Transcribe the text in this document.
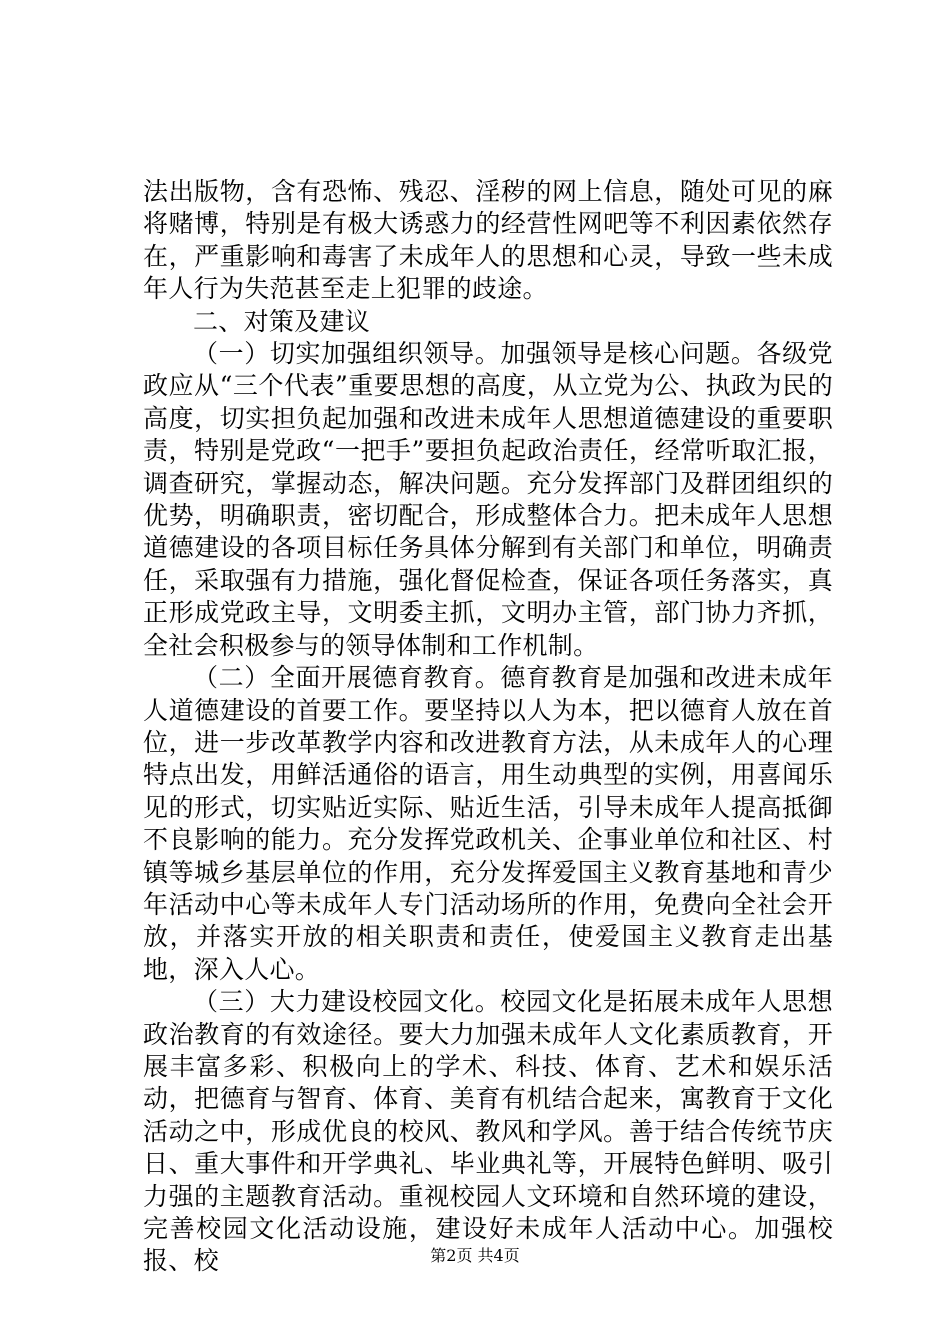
法出版物，含有恐怖、残忍、淫秽的网上信息，随处可见的麻将赌博，特别是有极大诱惑力的经营性网吧等不利因素依然存在，严重影响和毒害了未成年人的思想和心灵，导致一些未成年人行为失范甚至走上犯罪的歧途。

二、对策及建议

（一）切实加强组织领导。加强领导是核心问题。各级党政应从“三个代表”重要思想的高度，从立党为公、执政为民的高度，切实担负起加强和改进未成年人思想道德建设的重要职责，特别是党政“一把手”要担负起政治责任，经常听取汇报，调查研究，掌握动态，解决问题。充分发挥部门及群团组织的优势，明确职责，密切配合，形成整体合力。把未成年人思想道德建设的各项目标任务具体分解到有关部门和单位，明确责任，采取强有力措施，强化督促检查，保证各项任务落实，真正形成党政主导，文明委主抓，文明办主管，部门协力齐抓，全社会积极参与的领导体制和工作机制。

（二）全面开展德育教育。德育教育是加强和改进未成年人道德建设的首要工作。要坚持以人为本，把以德育人放在首位，进一步改革教学内容和改进教育方法，从未成年人的心理特点出发，用鲜活通俗的语言，用生动典型的实例，用喜闻乐见的形式，切实贴近实际、贴近生活，引导未成年人提高抵御不良影响的能力。充分发挥党政机关、企事业单位和社区、村镇等城乡基层单位的作用，充分发挥爱国主义教育基地和青少年活动中心等未成年人专门活动场所的作用，免费向全社会开放，并落实开放的相关职责和责任，使爱国主义教育走出基地，深入人心。

（三）大力建设校园文化。校园文化是拓展未成年人思想政治教育的有效途径。要大力加强未成年人文化素质教育，开展丰富多彩、积极向上的学术、科技、体育、艺术和娱乐活动，把德育与智育、体育、美育有机结合起来，寓教育于文化活动之中，形成优良的校风、教风和学风。善于结合传统节庆日、重大事件和开学典礼、毕业典礼等，开展特色鲜明、吸引力强的主题教育活动。重视校园人文环境和自然环境的建设，完善校园文化活动设施，建设好未成年人活动中心。加强校报、校	第2页 共4页
